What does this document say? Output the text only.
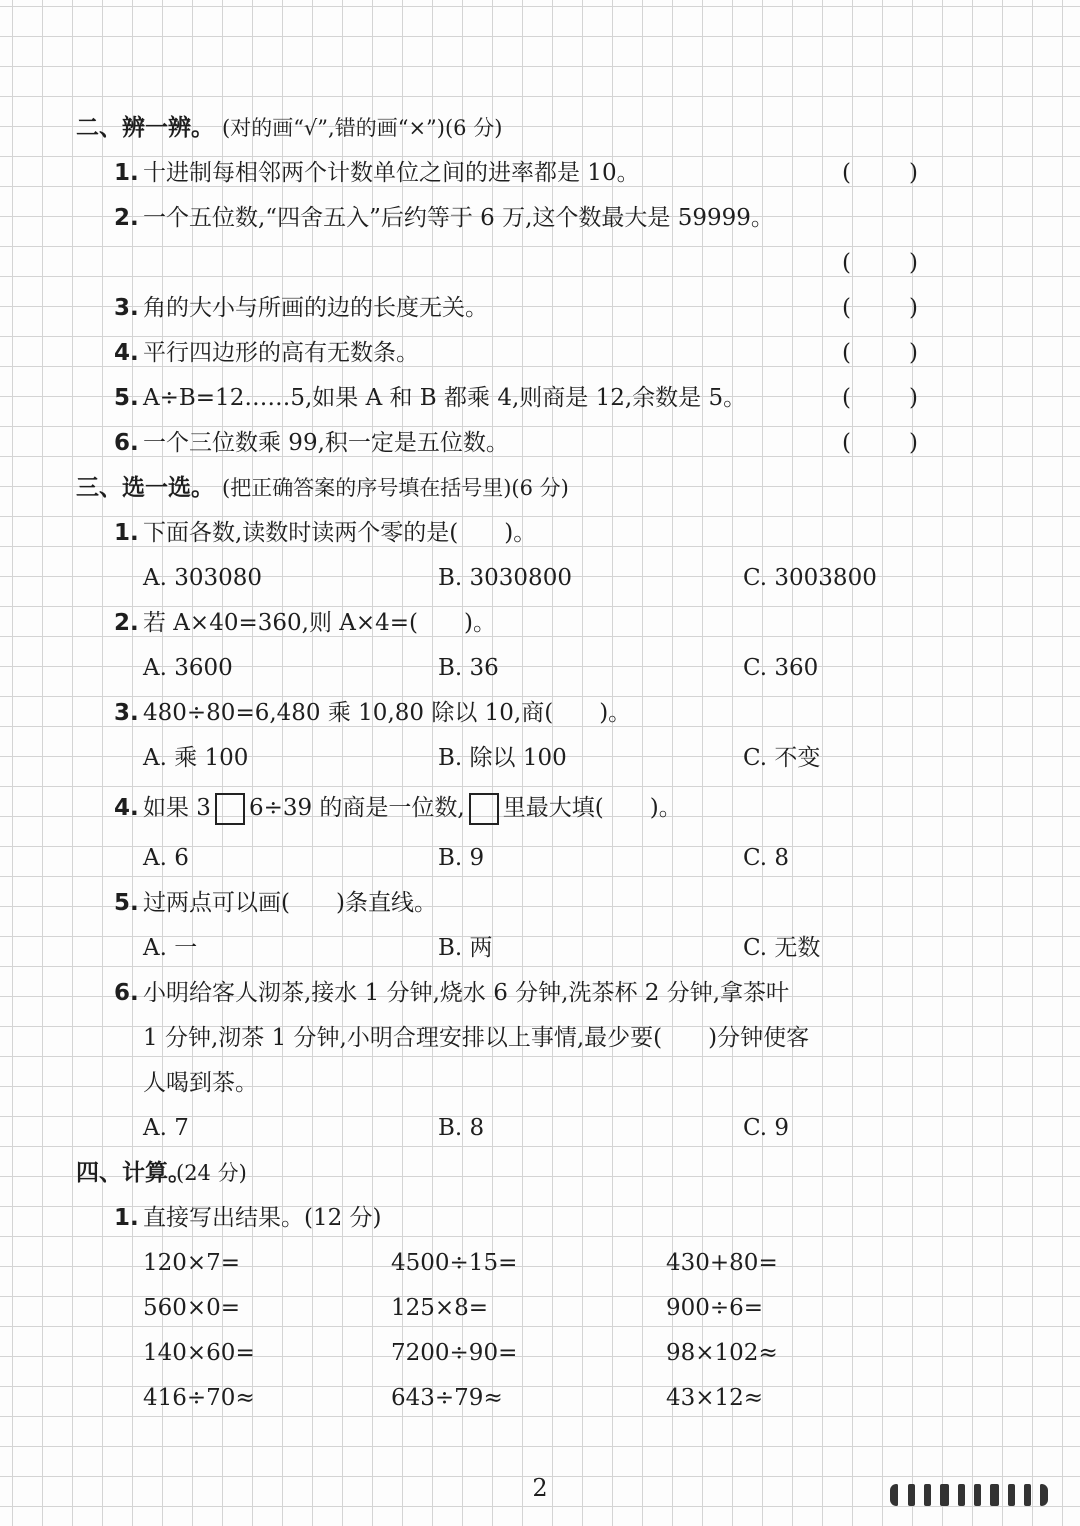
二、辨一辨。 (对的画“√”,错的画“×”)(6 分)
1. 十进制每相邻两个计数单位之间的进率都是 10。	(	)
2. 一个五位数,“四舍五入”后约等于 6 万,这个数最大是 59999。
(	)
3. 角的大小与所画的边的长度无关。	(	)
4. 平行四边形的高有无数条。	(	)
5. A÷B=12……5,如果 A 和 B 都乘 4,则商是 12,余数是 5。	(	)
6. 一个三位数乘 99,积一定是五位数。	(	)
三、选一选。 (把正确答案的序号填在括号里)(6 分)
1. 下面各数,读数时读两个零的是(　　)。
A. 303080	B. 3030800	C. 3003800
2. 若 A×40=360,则 A×4=(　　)。
A. 3600	B. 36	C. 360
3. 480÷80=6,480 乘 10,80 除以 10,商(　　)。
A. 乘 100	B. 除以 100	C. 不变
4. 如果 3 6÷39 的商是一位数, 里最大填(　　)。
A. 6	B. 9	C. 8
5. 过两点可以画(　　)条直线。
A. 一	B. 两	C. 无数
6. 小明给客人沏茶,接水 1 分钟,烧水 6 分钟,洗茶杯 2 分钟,拿茶叶
1 分钟,沏茶 1 分钟,小明合理安排以上事情,最少要(　　)分钟使客
人喝到茶。
A. 7	B. 8	C. 9
四、计算。
(24 分)
1. 直接写出结果。(12 分)
120×7=	4500÷15=	430+80=
560×0=	125×8=	900÷6=
140×60=	7200÷90=	98×102≈
416÷70≈	643÷79≈	43×12≈
2
